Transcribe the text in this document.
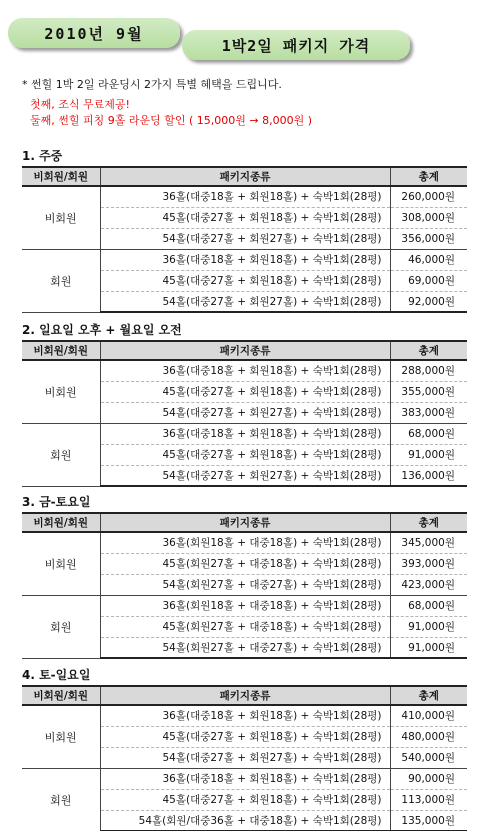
2010년 9월
1박2일 패키지 가격
* 썬힐 1박 2일 라운딩시 2가지 특별 혜택을 드립니다.
첫째, 조식 무료제공!
둘째, 썬힐 피칭 9홀 라운딩 할인 ( 15,000원 → 8,000원 )
1. 주중
비회원/회원	패키지종류	총계
비회원	36홀(대중18홀 + 회원18홀) + 숙박1회(28평)	260,000원
	45홀(대중27홀 + 회원18홀) + 숙박1회(28평)	308,000원
	54홀(대중27홀 + 회원27홀) + 숙박1회(28평)	356,000원
회원	36홀(대중18홀 + 회원18홀) + 숙박1회(28평)	46,000원
	45홀(대중27홀 + 회원18홀) + 숙박1회(28평)	69,000원
	54홀(대중27홀 + 회원27홀) + 숙박1회(28평)	92,000원
2. 일요일 오후 + 월요일 오전
비회원/회원	패키지종류	총계
비회원	36홀(대중18홀 + 회원18홀) + 숙박1회(28평)	288,000원
	45홀(대중27홀 + 회원18홀) + 숙박1회(28평)	355,000원
	54홀(대중27홀 + 회원27홀) + 숙박1회(28평)	383,000원
회원	36홀(대중18홀 + 회원18홀) + 숙박1회(28평)	68,000원
	45홀(대중27홀 + 회원18홀) + 숙박1회(28평)	91,000원
	54홀(대중27홀 + 회원27홀) + 숙박1회(28평)	136,000원
3. 금-토요일
비회원/회원	패키지종류	총계
비회원	36홀(회원18홀 + 대중18홀) + 숙박1회(28평)	345,000원
	45홀(회원27홀 + 대중18홀) + 숙박1회(28평)	393,000원
	54홀(회원27홀 + 대중27홀) + 숙박1회(28평)	423,000원
회원	36홀(회원18홀 + 대중18홀) + 숙박1회(28평)	68,000원
	45홀(회원27홀 + 대중18홀) + 숙박1회(28평)	91,000원
	54홀(회원27홀 + 대중27홀) + 숙박1회(28평)	91,000원
4. 토-일요일
비회원/회원	패키지종류	총계
비회원	36홀(대중18홀 + 회원18홀) + 숙박1회(28평)	410,000원
	45홀(대중27홀 + 회원18홀) + 숙박1회(28평)	480,000원
	54홀(대중27홀 + 회원27홀) + 숙박1회(28평)	540,000원
회원	36홀(대중18홀 + 회원18홀) + 숙박1회(28평)	90,000원
	45홀(대중27홀 + 회원18홀) + 숙박1회(28평)	113,000원
	54홀(회원/대중36홀 + 대중18홀) + 숙박1회(28평)	135,000원
